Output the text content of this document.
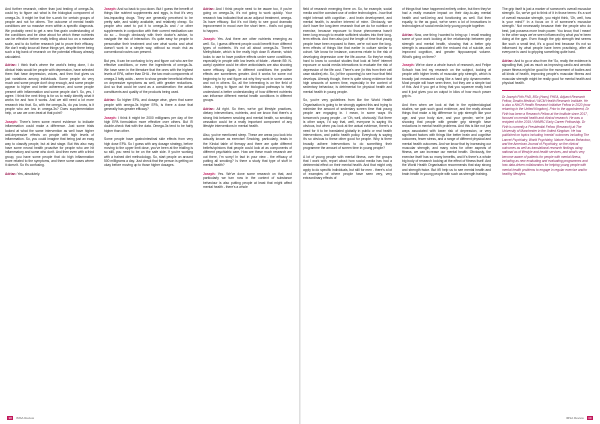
And further research, rather than just testing of omega-3s, could try to figure out what is the biological component of omega-3s. It might be that the s-work for certain groups of people and not for others. The outcome of mental health conditions are so massive even within a specific diagnosis. We probably need to get a new fine-grain understanding of the conditions and be clear about for which these nutrients can be effective before really telling about too on a massive scale, and to do further research just to prove their efficacy. We don't really know all these things yet, despite there being such a big bank of research on the potential efficacy already calculated.

Adrian: I think that's where the world's being done, I do clinical trials would be people with depression, have selected them that have depression, voices, and then that gives us just variations among individuals. Some people do very much and some people don't drop enough, and some people appear to higher and better adherence, and some people present with inflammation and some people don't. So, yes, I agree. I think the next thing is for us to really identify what it works for and how it works. And we still need a lot more research into that. So, with the omega-3s, do you know, is it people who are low in omega-3s? Does supplementation help, or can we over-treat at that point?

Joseph: There's been some recent evidence to indicate inflammation could make a difference. Just some trials looked at what the same intervention as well have higher anti-depressive effects on people with high levels of inflammation. So, you could imagine that being just an easy way to classify people, but at last stage. But this also may have some neural health proactive for people who are hit inflammatory and some who don't. And then even with a third group, you have some people that do high inflammation more related to the symptoms, and there some cases where it doesn't. So it's confusing.

Adrian: Yes, absolutely.

Joseph: And so back to you down. But I guess the benefit of things like nutrient supplements and eggs, is that it's very low-impacting drugs. They are generally perceived to be pretty safe, and widely available, and relatively cheap. So people who want to put it to omega-3s and / or other supplements in conjunction with their current medication can do so – though obviously with their doctor's advice, to navigate the risk of interaction. It's quite easy for people to personalise their treatment and see what works and what doesn't work in a simple way, without so much risk as conventional routes can present.

But yes, it can be confusing to try and figure out who are the effective conditions, or even the ingredients of omega-3s. We have seen in the literature that the ones with the highest levels of EPA, rather than DHA - the two main components of omega-3 fatty acids - seem to show greater beneficial effects on depressive symptoms as well, with greater reductions. And so that could be used as a consideration: the actual constituents and quality of the products being used.

Adrian: So higher EPA, and dosage wise, given that some people with omega-3s higher EPA, is there a dose that generally has greater efficacy?

Joseph: I think it might be 2000 milligrams per day of the high EPA formulation more effective over others. But I'll double-check that with the data. Omega-3s tend to be fairly higher than other.

Some people have gastrointestinal side effects from very high dose EPA. So I guess with any dosage strategy, before moving to the upper limit dose, you've been at the trialling is so still, you need to be on the safe side. If you're working with a trained diet methodology. So, start people on around 500 milligrams a day. Just check that the person is getting on okay before moving up to those higher dosages.

Adrian: And I think people need to be aware too, if you're going on omega-3s, it's not going to work quickly. Your research has indicated that as an adjunct treatment, omega-3s have efficacy. But it's not likely to see good dramatic improvement in mood over the short term - that's not going to happen.

Joseph: Yes. And there are other nutrients emerging as well. So, I guess different people could benefit from different types of nutrients. It's not all about omega-3s. There's Methylfolate, which is the really high dose B vitamin, which looks to use to have positive effects under some conditions, especially in people with low levels of folate - vitamin B9. N-acetyl cysteine could be other antioxidants are also showing some efficacy. Again, in different conditions the positive effects are sometimes greater. And it works for some not beginning to try and figure out why they work in some cases and not in others. So, all the interesting is on the field of ideas - trying to figure out the biological pathways to help understand a better understanding of how different nutrients can influence different mental health conditions in different groups.

Adrian: All right. So then, we've got lifestyle practices, dietary interventions, nutrients, and we know that there's a strong link between smoking and mental health, so smoking cessation could be a really important component of any lifestyle interventions in mental health.

Also, you've mentioned sleep. These are areas you look into actually known as exercise! Smoking, particularly, leads in the Kindai table of therapy and there are quite different beliefs/opinions that people could look at as components of different psychiatric care. How are these much research are out there, I'm sorry! In fact in your view - the efficacy of putting all smoking? Is there a study that type of stuff in mental health?

Joseph: Yes. We've done some research on that, and particularly we turn now in the context of substance behaviour is also putting people at least that might affect mental health - there's a whole

38 IMSA Review

field of research emerging there on. So, for example, social media and the constant use of online technologies - how that might interact with cognition - and brain development, and mental health, is another interest of mine. Obviously, we don't have the long-term research that we do for nutrition or exercise, because exposure to those phenomena hasn't been long enough to enable sufficient studies into their long-term effects. And then also just the length of time that young people have been exposed to them, we're not sure the long-term effects of things like that earlier in culture similar to cohort. We know for instance, concerns relate to the risk of developing depression over the life-course. So they've really hard to know to conduct studies that look at 'brief' internet exposure or social media interactions to evaluate the risk of depression of the life cost. There's one (in this from their cell case studies) etc. So, (of the upcoming) to see how that field develops. Already though, there is quite strong evidence that high amounts of screen time, especially in the context of sedentary behaviour, is detrimental for physical health and mental health in young people.

So, you're very guidelines from like the World Health Organisation is going to be strongly against this and trying to minimize the amount of sedentary screen time that young people are engaging in. I mean, in some ways it's tomorrow's young people - or 'Oh, well, obviously.' But there is other ways, I'd say that, well, everyone is saying it's obvious, but when you look at the actual evidence, there's a need for it to be translated globally in public or real health interventions, and public health policy. Everybody is saying it's so obvious to these other good for people. Why is there broadly adhere interventions to do something their programme the amount of screen time in young people?

A lot of young people with mental illness, over the groups that I work with, report about how social media has had a detrimental effect on their mental health. And that might only apply to do specific individuals, but still for men - there's a lot of examples of where people have seen very, very extraordinary effects of

of things that have happened entirely online, but then they've had a really massive impact on their day-to-day mental health and well-being and functioning as well. But then equally, to the as good, we've seen a lot of innovations in technologies of social media help young people together.

Adrian: Now, one thing I wanted to bring up: I recall reading some of your work looking at the relationship between grip strength and mental health, showing that a better grip strength is associated with the reduced risk of suicide, and improved cognition, and greater hippocampal volume. What's going on there?

Joseph: We've done a whole bunch of research, and Felipe Schuch has led my research on the subject, looking at people with higher levels of muscular grip strength, which is broadly just measured using like a hand grip dynamometer. Most people will have seen them, but they are a simple tool of this. And if you get a thing that you squeeze really hard and it just gives you an output in kilos of how much power grip is.

And then when we look at that in the epidemiological studies, we gain such good evidence, and the really almost things that make a big difference to grip strength like your age, and your body size, and your gender, we're just showing that people with greater grip strength have reductions in mental health problems. And this is like not just ways associated with lower risk of depression, or very significant factors with things like better brain and cognitive outcomes, fewer stress, and a range of different physical and mental health outcomes. And we know that by increasing our muscular strength, and many rules for other aspects of fitness, we can increase our mental health. Obviously, the exercise itself has so many benefits, and it's there's a whole big body of research looking at the effect of fitness itself. And the World Health Organisation recommends that stay strong and strength twice. But it'll help us to see mental health and brain health in young people with such as strength training.

The grip itself is just a marker of someone's overall muscular strength. So, we've got to think of it in those terms: it's a sort of overall muscular strength, you might think, 'Oh, well, how is your mind?' In a focus on it of someone's muscular strength.' Not necessarily because their the people who do best, just possess more brain power. You know, that I mean! In the other ways we've seen influenced by what you're been doing at the gym. Even though the grip strength test seems like such a small test, it's a good test because it's not so influenced by what people have been practising, after all everyone is used to gripping something quite hard.

Adrian: And to go or also from the 'So, really the evidence is signalling that, just as much as improving cardio and aerobic power fitness might be good for the movement of bodies and all kinds of health, improving people's muscular fitness and muscular strength might be really good for mental health and physical health.

Dr Joseph Firth PhD, BSc (Hons) FHEA, Adjunct Research Fellow, Deakin Medical / NICM Health Research Institute. He is also a NHCR Health Research Initiative Fellow in 2020 (now returning in the United Kingdom). Prior to the appointment, Dr Firth has been a Research Fellow at the Institute since 2017, focused on mental health and clinical research. He was a recipient of the 2019 / NHMRC Early Career Fellowship. Dr Firth is currently a Presidential Fellow (Research) at The University of Manchester in the United Kingdom. He has published on topics including 'mental' outcomes including The Lancet Psychiatry, World Psychiatry, Nature Human Behaviour, and the American Journal of Psychiatry, on the clinical outcomes as well as translational research findings using national as of lifestyle and health services, and what's very become aware of patients for people with mental illness, including as new evaluating and evaluating programmes and how data-driven collaborators for helping young people with mental health problems to engage in regular exercise and/or healthy lifestyles.
IMSA Review 39
